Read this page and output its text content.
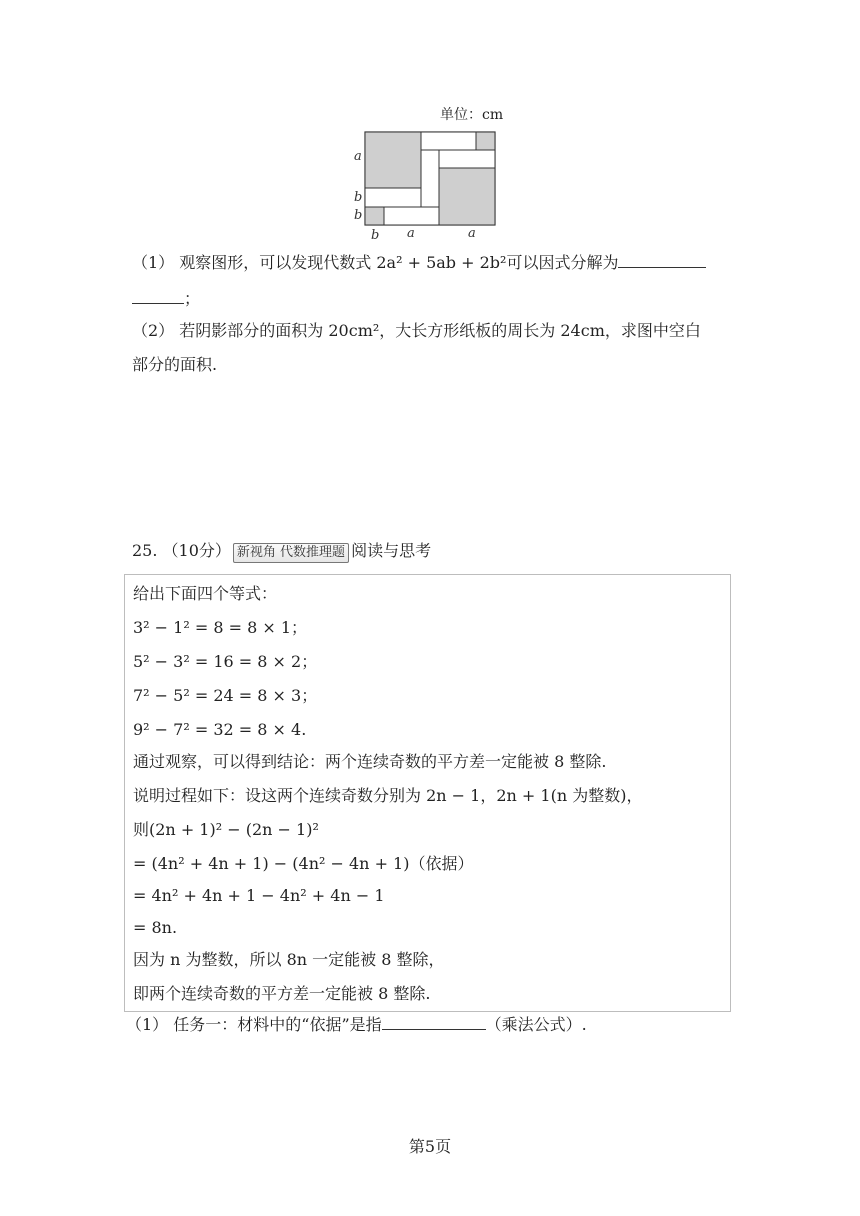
单位：cm
a
b
b
b a	a
（1） 观察图形，可以发现代数式 2a² + 5ab + 2b²可以因式分解为
；
（2） 若阴影部分的面积为 20cm²，大长方形纸板的周长为 24cm，求图中空白
部分的面积.
25. （10分） 新视角 代数推理题 阅读与思考
给出下面四个等式：
3² − 1² = 8 = 8 × 1；
5² − 3² = 16 = 8 × 2；
7² − 5² = 24 = 8 × 3；
9² − 7² = 32 = 8 × 4.
通过观察，可以得到结论：两个连续奇数的平方差一定能被 8 整除.
说明过程如下：设这两个连续奇数分别为 2n − 1，2n + 1(n 为整数)，
则(2n + 1)² − (2n − 1)²
= (4n² + 4n + 1) − (4n² − 4n + 1)（依据）
= 4n² + 4n + 1 − 4n² + 4n − 1
= 8n.
因为 n 为整数，所以 8n 一定能被 8 整除，
即两个连续奇数的平方差一定能被 8 整除.
（1） 任务一：材料中的“依据”是指	（乘法公式）.
第5页
